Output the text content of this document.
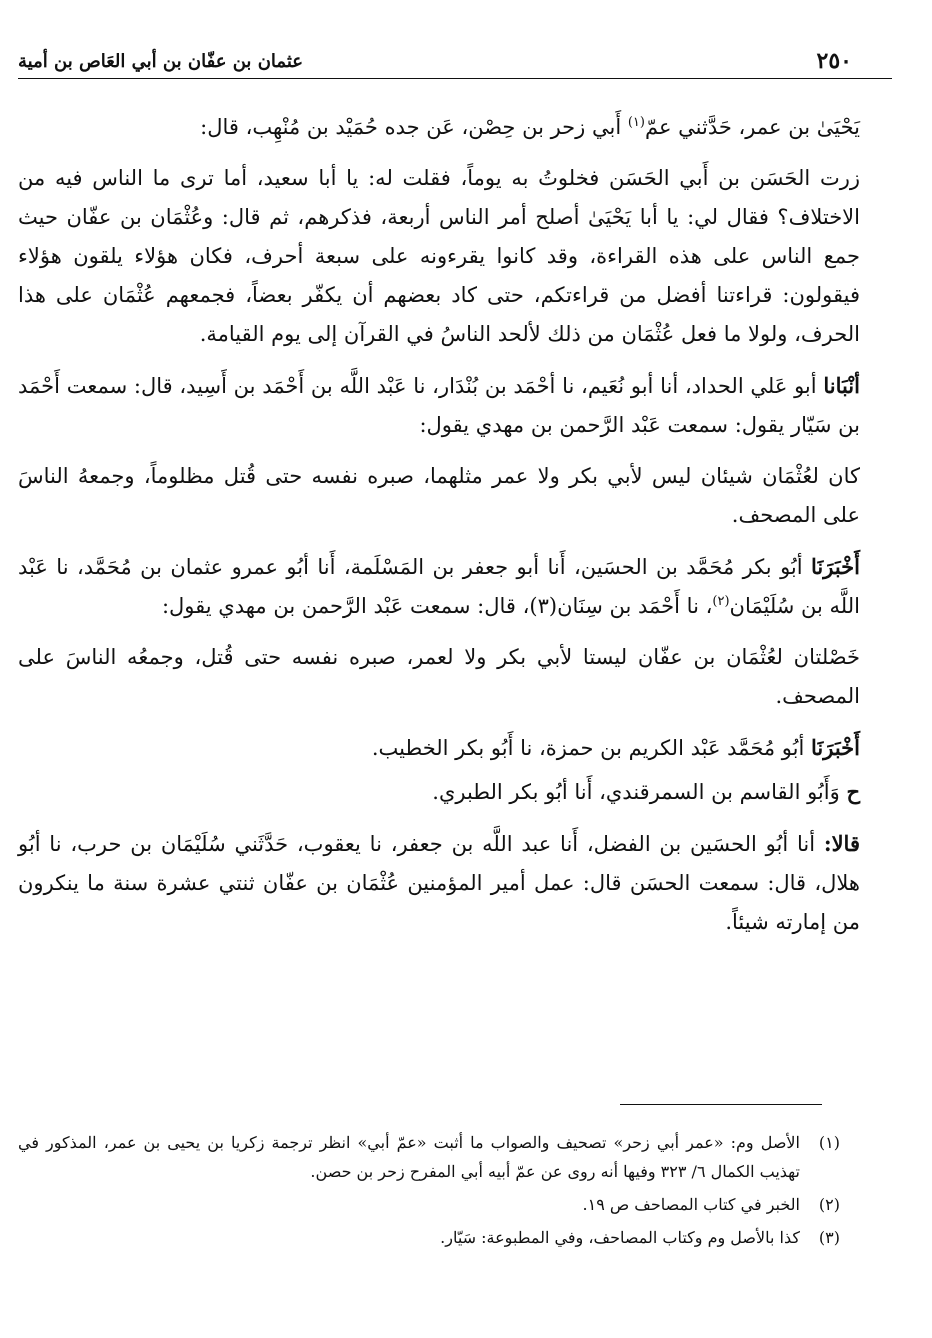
٢٥٠
عثمان بن عفّان بن أبي العَاص بن أمية

يَحْيَىٰ بن عمر، حَدَّثني عمّ$^{(١)}$ أَبي زحر بن حِصْن، عَن جده حُمَيْد بن مُنْهِب، قال:

زرت الحَسَن بن أَبي الحَسَن فخلوتُ به يوماً، فقلت له: يا أبا سعيد، أما ترى ما الناس فيه من الاختلاف؟ فقال لي: يا أبا يَحْيَىٰ أصلح أمر الناس أربعة، فذكرهم، ثم قال: وعُثْمَان بن عفّان حيث جمع الناس على هذه القراءة، وقد كانوا يقرءونه على سبعة أحرف، فكان هؤلاء يلقون هؤلاء فيقولون: قراءتنا أفضل من قراءتكم، حتى كاد بعضهم أن يكفّر بعضاً، فجمعهم عُثْمَان على هذا الحرف، ولولا ما فعل عُثْمَان من ذلك لألحد الناسُ في القرآن إلى يوم القيامة.

أنْبَانا أبو عَلي الحداد، أنا أبو نُعَيم، نا أحْمَد بن بُنْدَار، نا عَبْد اللَّه بن أَحْمَد بن أَسِيد، قال: سمعت أَحْمَد بن سَيّار يقول: سمعت عَبْد الرَّحمن بن مهدي يقول:

كان لعُثْمَان شيئان ليس لأبي بكر ولا عمر مثلهما، صبره نفسه حتى قُتل مظلوماً، وجمعهُ الناسَ على المصحف.

أَخْبَرَنَا أبُو بكر مُحَمَّد بن الحسَين، أَنا أبو جعفر بن المَسْلَمة، أَنا أبُو عمرو عثمان بن مُحَمَّد، نا عَبْد اللَّه بن سُلَيْمَان$^{(٢)}$، نا أَحْمَد بن سِنَان(٣)، قال: سمعت عَبْد الرَّحمن بن مهدي يقول:

خَصْلتان لعُثْمَان بن عفّان ليستا لأبي بكر ولا لعمر، صبره نفسه حتى قُتل، وجمعُه الناسَ على المصحف.

أَخْبَرَنَا أبُو مُحَمَّد عَبْد الكريم بن حمزة، نا أَبُو بكر الخطيب.

ح وَأَبُو القاسم بن السمرقندي، أَنا أبُو بكر الطبري.

قالا: أنا أبُو الحسَين بن الفضل، أَنا عبد اللَّه بن جعفر، نا يعقوب، حَدَّثَني سُلَيْمَان بن حرب، نا أبُو هلال، قال: سمعت الحسَن قال: عمل أمير المؤمنين عُثْمَان بن عفّان ثنتي عشرة سنة ما ينكرون من إمارته شيئاً.

(١)
الأصل وم: «عمر أبي زحر» تصحيف والصواب ما أثبت «عمّ أبي» انظر ترجمة زكريا بن يحيى بن عمر، المذكور في تهذيب الكمال ٦/ ٣٢٣ وفيها أنه روى عن عمّ أبيه أبي المفرح زحر بن حصن.
(٢)
الخبر في كتاب المصاحف ص ١٩.
(٣)
كذا بالأصل وم وكتاب المصاحف، وفي المطبوعة: سَيّار.
